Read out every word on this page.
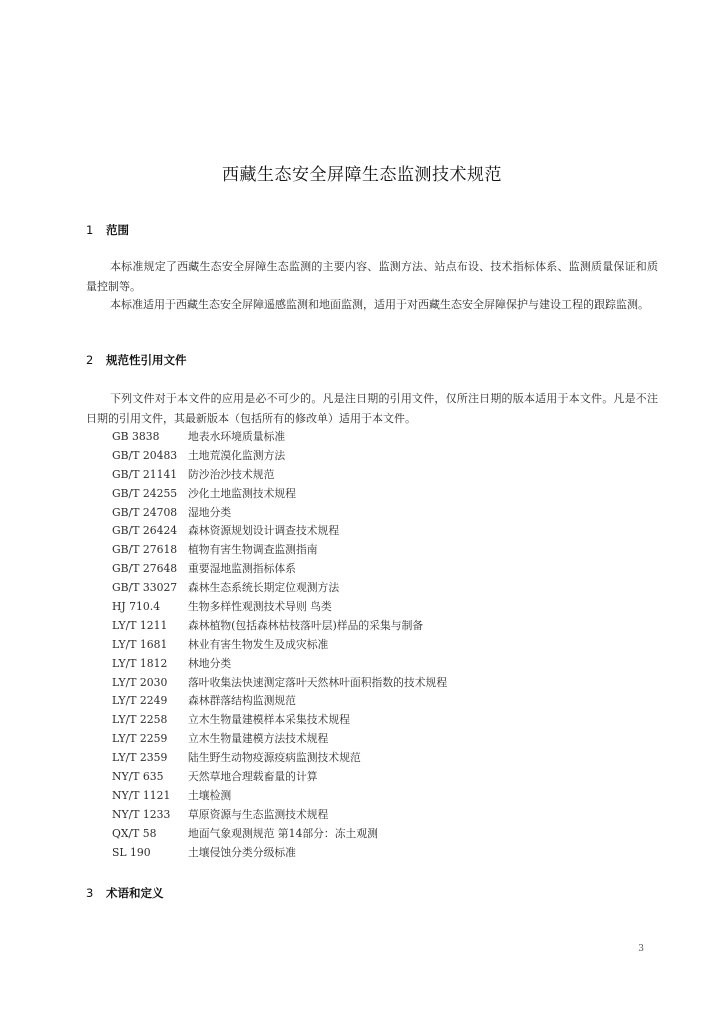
西藏生态安全屏障生态监测技术规范
1 范围

本标准规定了西藏生态安全屏障生态监测的主要内容、监测方法、站点布设、技术指标体系、监测质量保证和质量控制等。

本标准适用于西藏生态安全屏障遥感监测和地面监测，适用于对西藏生态安全屏障保护与建设工程的跟踪监测。

2 规范性引用文件

下列文件对于本文件的应用是必不可少的。凡是注日期的引用文件，仅所注日期的版本适用于本文件。凡是不注日期的引用文件，其最新版本（包括所有的修改单）适用于本文件。

GB 3838	地表水环境质量标准
GB/T 20483 土地荒漠化监测方法
GB/T 21141 防沙治沙技术规范
GB/T 24255 沙化土地监测技术规程
GB/T 24708 湿地分类
GB/T 26424 森林资源规划设计调查技术规程
GB/T 27618 植物有害生物调查监测指南
GB/T 27648 重要湿地监测指标体系
GB/T 33027 森林生态系统长期定位观测方法
HJ 710.4	生物多样性观测技术导则 鸟类
LY/T 1211 森林植物(包括森林枯枝落叶层)样品的采集与制备
LY/T 1681 林业有害生物发生及成灾标准
LY/T 1812 林地分类
LY/T 2030 落叶收集法快速测定落叶天然林叶面积指数的技术规程
LY/T 2249 森林群落结构监测规范
LY/T 2258 立木生物量建模样本采集技术规程
LY/T 2259 立木生物量建模方法技术规程
LY/T 2359 陆生野生动物疫源疫病监测技术规范
NY/T 635 天然草地合理载畜量的计算
NY/T 1121 土壤检测
NY/T 1233 草原资源与生态监测技术规程
QX/T 58	地面气象观测规范 第14部分：冻土观测
SL 190	土壤侵蚀分类分级标准
3 术语和定义
3
